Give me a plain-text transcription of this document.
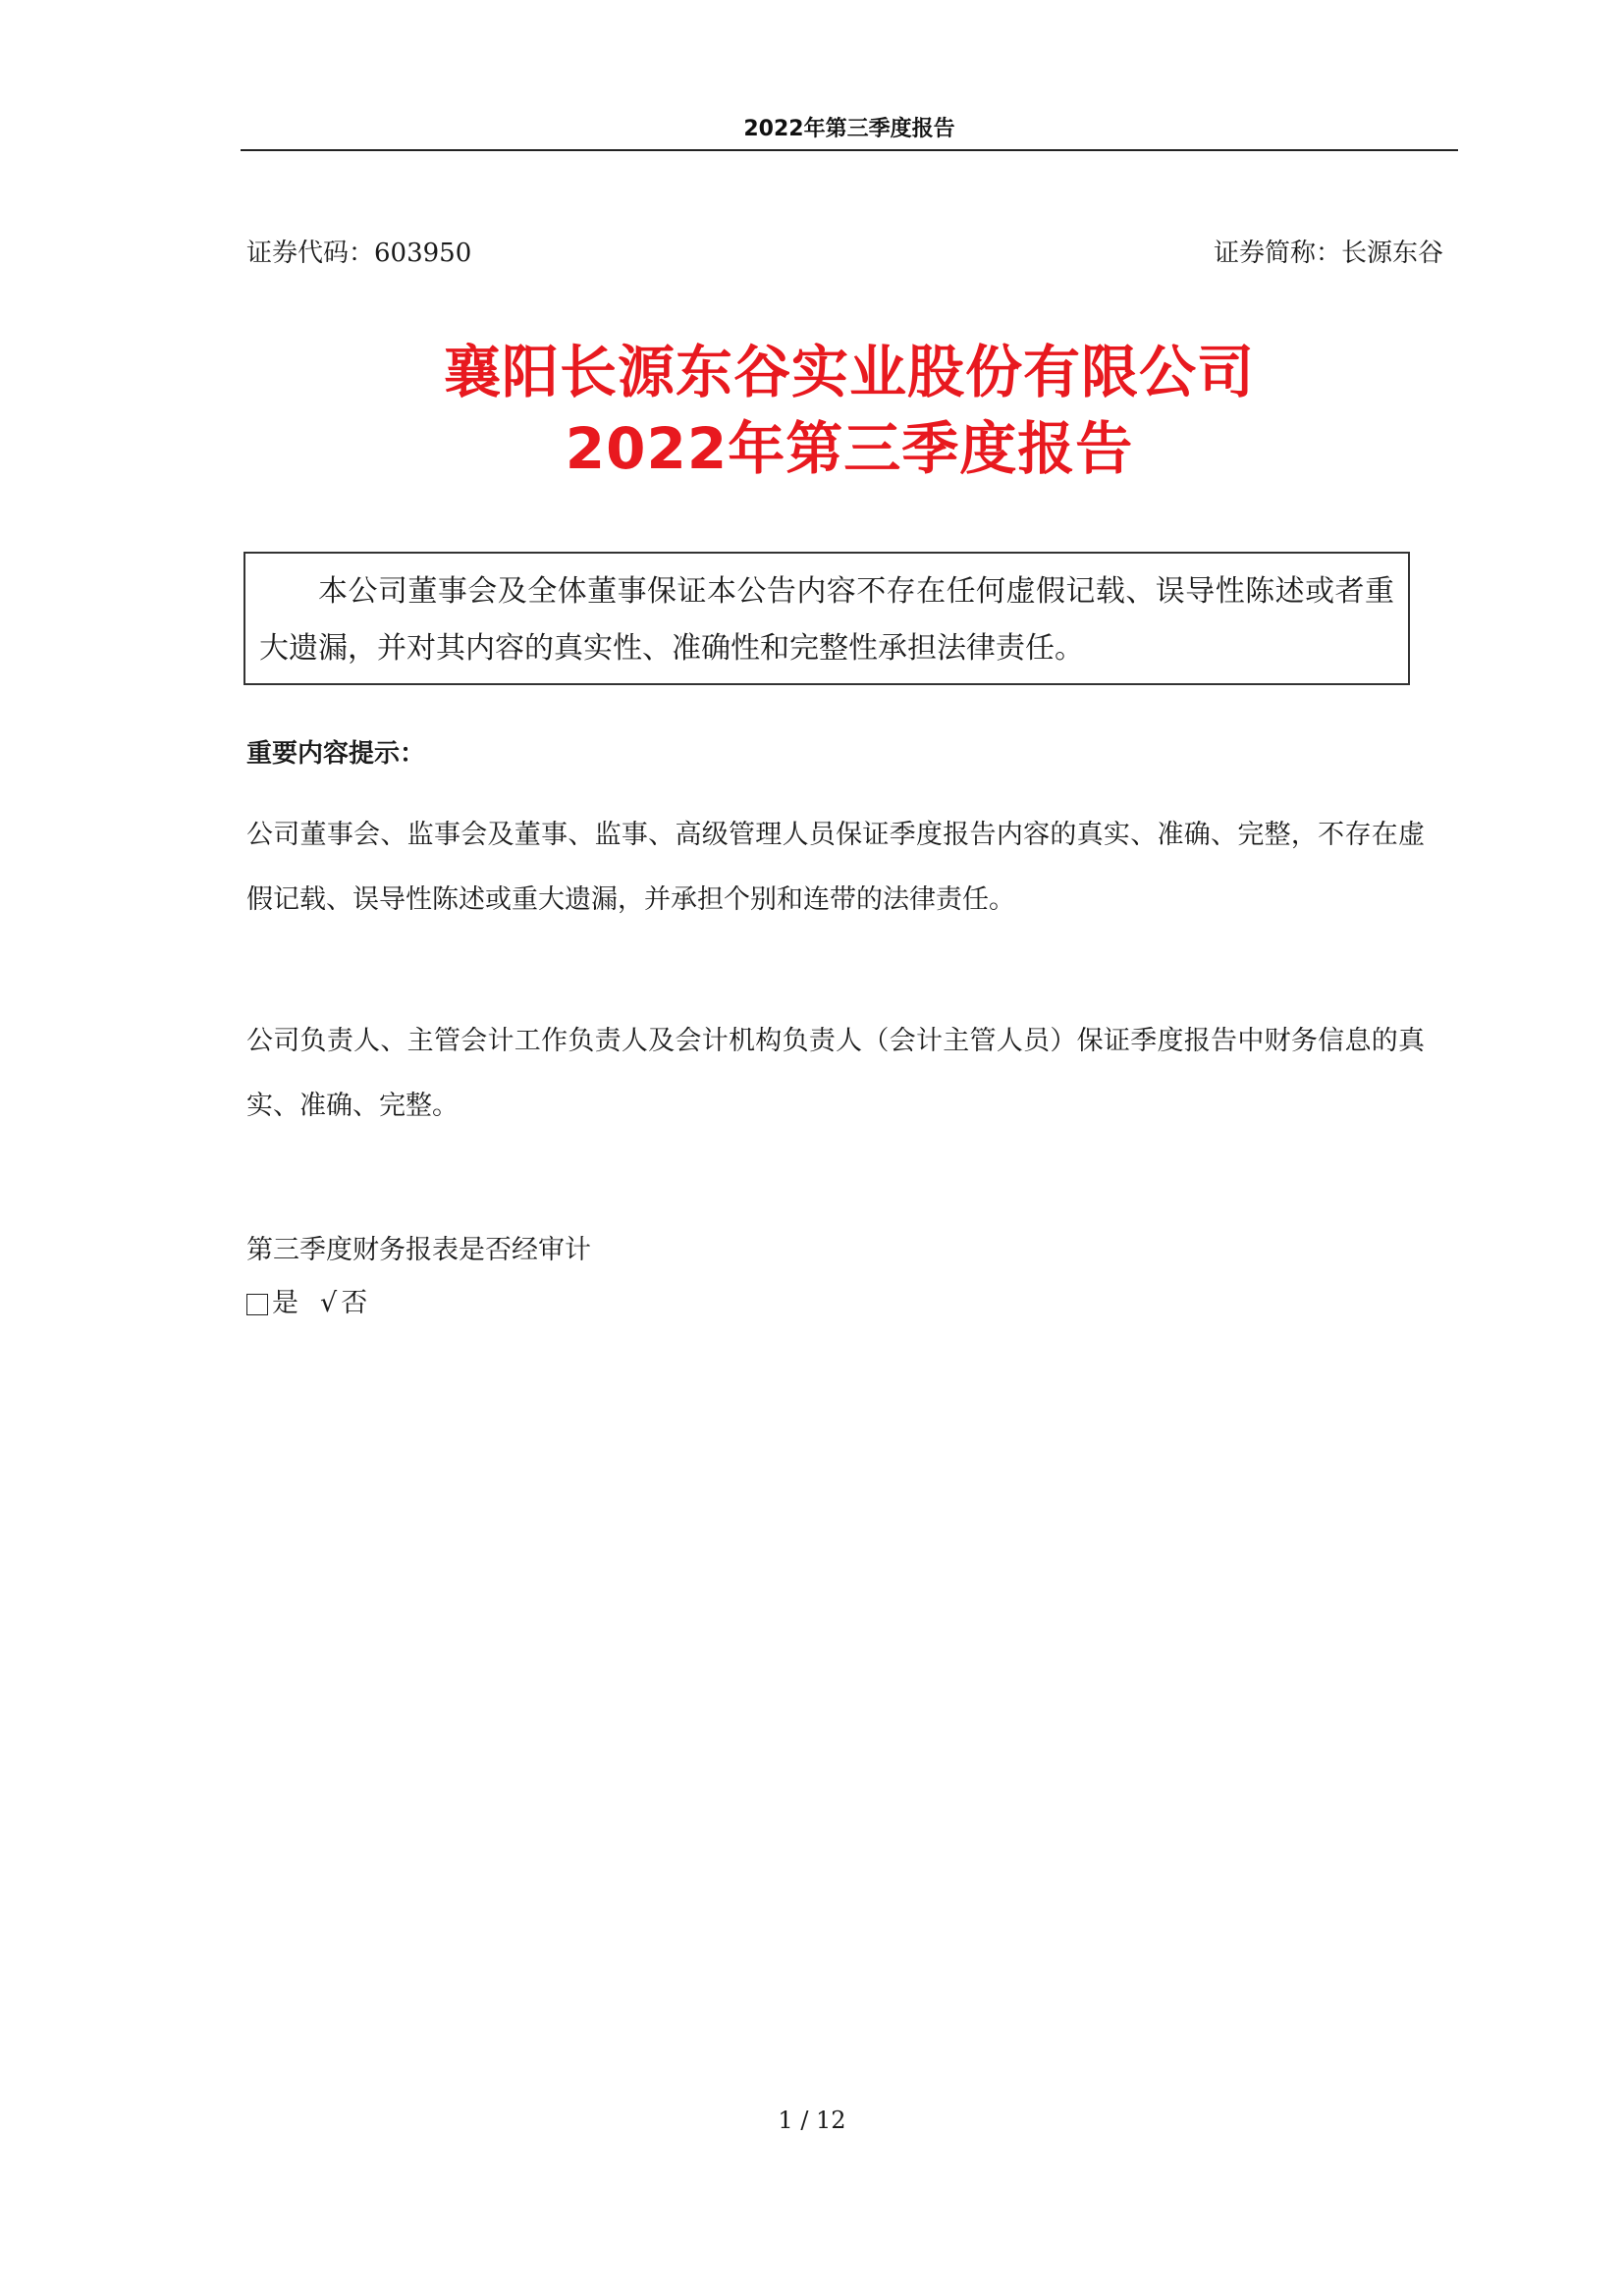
2022年第三季度报告
证券代码：603950	证券简称：长源东谷
襄阳长源东谷实业股份有限公司
2022年第三季度报告
本公司董事会及全体董事保证本公告内容不存在任何虚假记载、误导性陈述或者重大遗漏，并对其内容的真实性、准确性和完整性承担法律责任。
重要内容提示：
公司董事会、监事会及董事、监事、高级管理人员保证季度报告内容的真实、准确、完整，不存在虚假记载、误导性陈述或重大遗漏，并承担个别和连带的法律责任。
公司负责人、主管会计工作负责人及会计机构负责人（会计主管人员）保证季度报告中财务信息的真实、准确、完整。
第三季度财务报表是否经审计
是 √ 否
1 / 12
